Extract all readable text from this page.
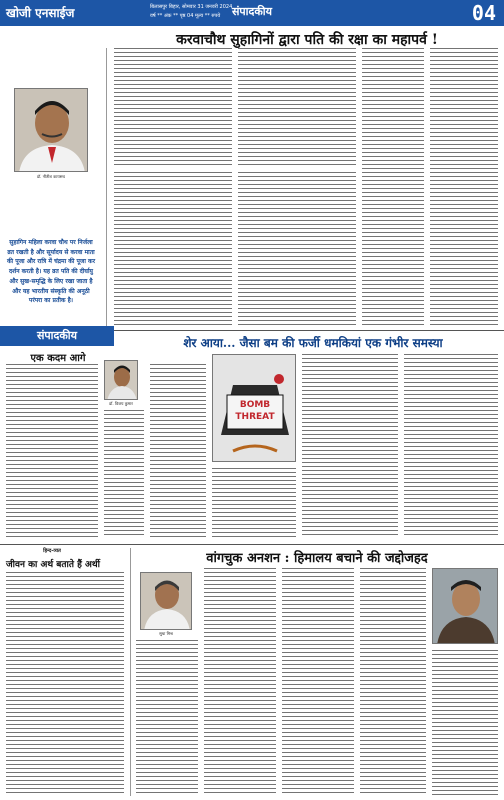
खोजी एनसाईज	बिलासपुर बिहार, सोमवार 31 जनवरी 2024
वर्ष ** अंक ** पृष्ठ 04 मूल्य ** रुपये	संपादकीय	04
करवाचौथ सुहागिनों द्वारा पति की रक्षा का महापर्व !
डॉ. नीतीश कायसथ
सुहागिन महिला करवा चौथ पर निर्जला व्रत रखती है और सूर्यादय से करवा माता की पूजा और रात्रि में चंद्रमा की पूजा कर दर्शन करती है। यह व्रत पति की दीर्घायु और सुख-समृद्धि के लिए रखा जाता है और यह भारतीय संस्कृति की अनूठी परंपरा का प्रतीक है।
संपादकीय
शेर आया... जैसा बम की फर्जी धमकियां एक गंभीर समस्या
एक कदम आगे
डॉ. विजय कुमार	BOMB
THREAT
हिन्द-व्यत
जीवन का अर्थ बताते हैं अर्थी	वांगचुक अनशन : हिमालय बचाने की जद्दोजहद
सुधा मिश्र
